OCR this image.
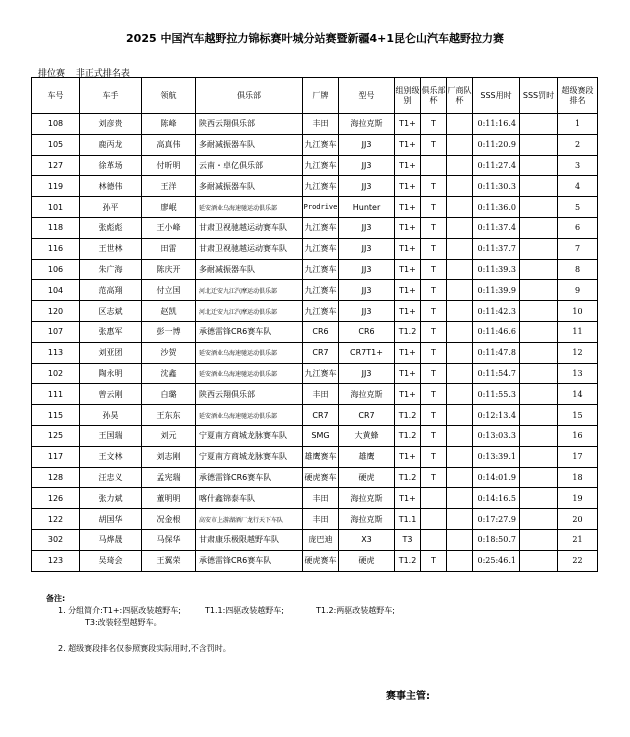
2025 中国汽车越野拉力锦标赛叶城分站赛暨新疆4+1昆仑山汽车越野拉力赛
排位赛 非正式排名表
车号	车手	领航	俱乐部	厂牌	型号	组别级别	俱乐部杯	厂商队杯	SSS用时	SSS罚时	超级赛段排名
108	刘彦贵	陈峰	陕西云翔俱乐部	丰田	海拉克斯	T1+	T		0:11:16.4		1
105	鹿丙龙	高真伟	多耐减振器车队	九江赛车	JJ3	T1+	T		0:11:20.9		2
127	徐革场	付昕明	云南・卓亿俱乐部	九江赛车	JJ3	T1+			0:11:27.4		3
119	林德伟	王洋	多耐减振器车队	九江赛车	JJ3	T1+	T		0:11:30.3		4
101	孙平	廖岷	延安酒业乌海速驰运动俱乐部	Prodrive	Hunter	T1+	T		0:11:36.0		5
118	张彪彪	王小峰	甘肃卫视驰越运动赛车队	九江赛车	JJ3	T1+	T		0:11:37.4		6
116	王世林	田雷	甘肃卫视驰越运动赛车队	九江赛车	JJ3	T1+	T		0:11:37.7		7
106	朱广海	陈庆开	多耐减振器车队	九江赛车	JJ3	T1+	T		0:11:39.3		8
104	范高翔	付立国	河北迁安九江汽摩运动俱乐部	九江赛车	JJ3	T1+	T		0:11:39.9		9
120	区志斌	赵凯	河北迁安九江汽摩运动俱乐部	九江赛车	JJ3	T1+	T		0:11:42.3		10
107	张惠军	彭一博	承德雷锋CR6赛车队	CR6	CR6	T1.2	T		0:11:46.6		11
113	刘亚团	沙贺	延安酒业乌海速驰运动俱乐部	CR7	CR7T1+	T1+	T		0:11:47.8		12
102	陶永明	沈鑫	延安酒业乌海速驰运动俱乐部	九江赛车	JJ3	T1+	T		0:11:54.7		13
111	曾云刚	白璐	陕西云翔俱乐部	丰田	海拉克斯	T1+	T		0:11:55.3		14
115	孙昊	王东东	延安酒业乌海速驰运动俱乐部	CR7	CR7	T1.2	T		0:12:13.4		15
125	王国瑞	刘元	宁夏南方商城龙脉赛车队	SMG	大黄蜂	T1.2	T		0:13:03.3		16
117	王文林	刘志刚	宁夏南方商城龙脉赛车队	雄鹰赛车	雄鹰	T1+	T		0:13:39.1		17
128	汪忠义	孟宪瑞	承德雷锋CR6赛车队	硬虎赛车	硬虎	T1.2	T		0:14:01.9		18
126	张力斌	董明明	喀什鑫锦泰车队	丰田	海拉克斯	T1+			0:14:16.5		19
122	胡国华	况金根	高安市上游湖酒厂龙行天下车队	丰田	海拉克斯	T1.1			0:17:27.9		20
302	马烨晟	马保华	甘肃康乐极限越野车队	庞巴迪	X3	T3			0:18:50.7		21
123	吴琦会	王翼荣	承德雷锋CR6赛车队	硬虎赛车	硬虎	T1.2	T		0:25:46.1		22
备注:
1. 分组简介:T1+:四驱改装越野车;	T1.1:四驱改装越野车;	T1.2:两驱改装越野车;
T3:改装轻型越野车。
2. 超级赛段排名仅参照赛段实际用时,不含罚时。
赛事主管:
